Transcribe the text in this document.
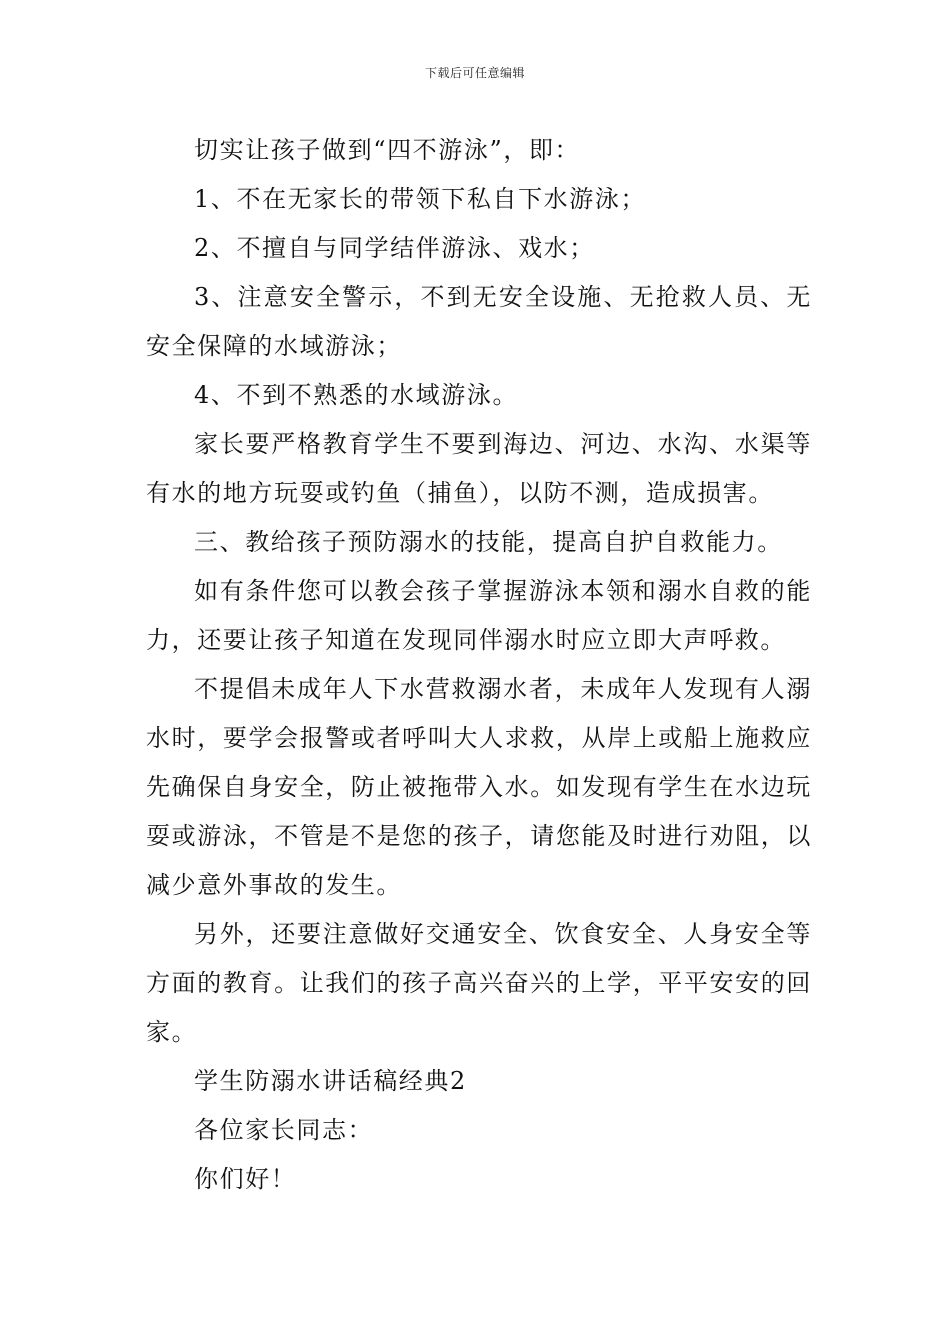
下载后可任意编辑

切实让孩子做到“四不游泳”，即：

1、不在无家长的带领下私自下水游泳；

2、不擅自与同学结伴游泳、戏水；

3、注意安全警示，不到无安全设施、无抢救人员、无安全保障的水域游泳；

4、不到不熟悉的水域游泳。

家长要严格教育学生不要到海边、河边、水沟、水渠等有水的地方玩耍或钓鱼（捕鱼），以防不测，造成损害。

三、教给孩子预防溺水的技能，提高自护自救能力。

如有条件您可以教会孩子掌握游泳本领和溺水自救的能力，还要让孩子知道在发现同伴溺水时应立即大声呼救。

不提倡未成年人下水营救溺水者，未成年人发现有人溺水时，要学会报警或者呼叫大人求救，从岸上或船上施救应先确保自身安全，防止被拖带入水。如发现有学生在水边玩耍或游泳，不管是不是您的孩子，请您能及时进行劝阻，以减少意外事故的发生。

另外，还要注意做好交通安全、饮食安全、人身安全等方面的教育。让我们的孩子高兴奋兴的上学，平平安安的回家。

学生防溺水讲话稿经典2

各位家长同志：

你们好！
